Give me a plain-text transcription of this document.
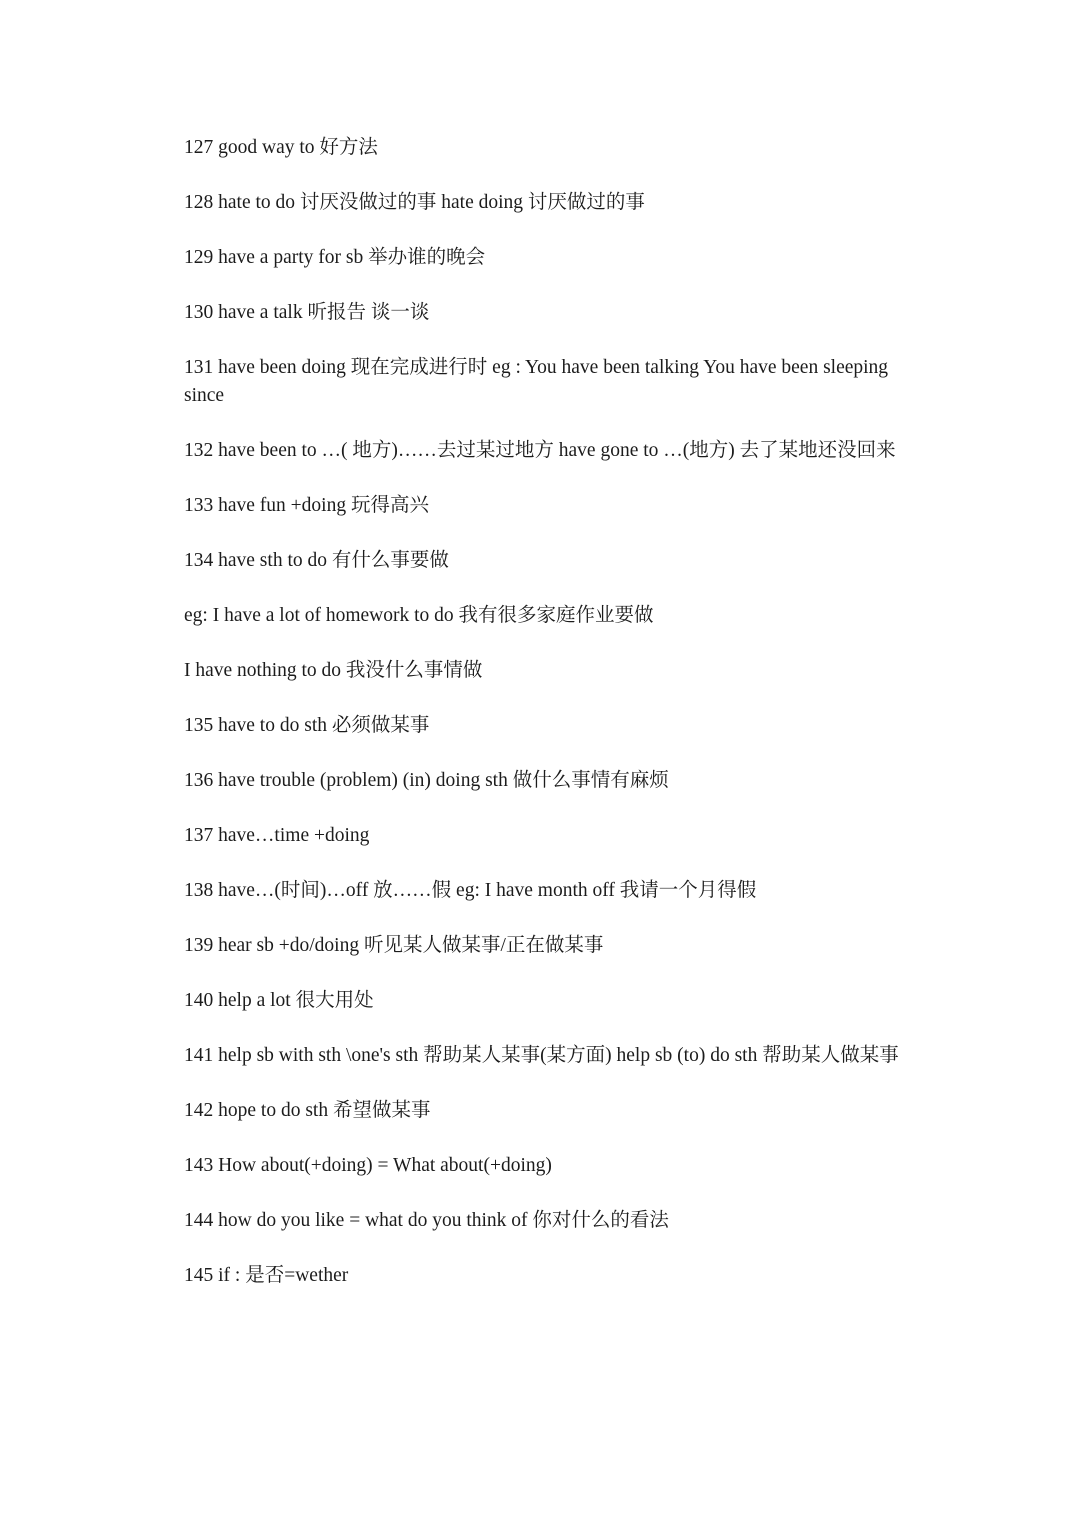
127 good way to 好方法
128 hate to do 讨厌没做过的事 hate doing 讨厌做过的事
129 have a party for sb 举办谁的晚会
130 have a talk 听报告 谈一谈
131 have been doing 现在完成进行时 eg : You have been talking You have been sleeping since
132 have been to …( 地方)……去过某过地方 have gone to …(地方) 去了某地还没回来
133 have fun +doing 玩得高兴
134 have sth to do 有什么事要做
eg: I have a lot of homework to do 我有很多家庭作业要做
I have nothing to do 我没什么事情做
135 have to do sth 必须做某事
136 have trouble (problem) (in) doing sth 做什么事情有麻烦
137 have…time +doing
138 have…(时间)…off 放……假 eg: I have month off 我请一个月得假
139 hear sb +do/doing 听见某人做某事/正在做某事
140 help a lot 很大用处
141 help sb with sth \one's sth 帮助某人某事(某方面) help sb (to) do sth 帮助某人做某事
142 hope to do sth 希望做某事
143 How about(+doing) = What about(+doing)
144 how do you like = what do you think of 你对什么的看法
145 if : 是否=wether
